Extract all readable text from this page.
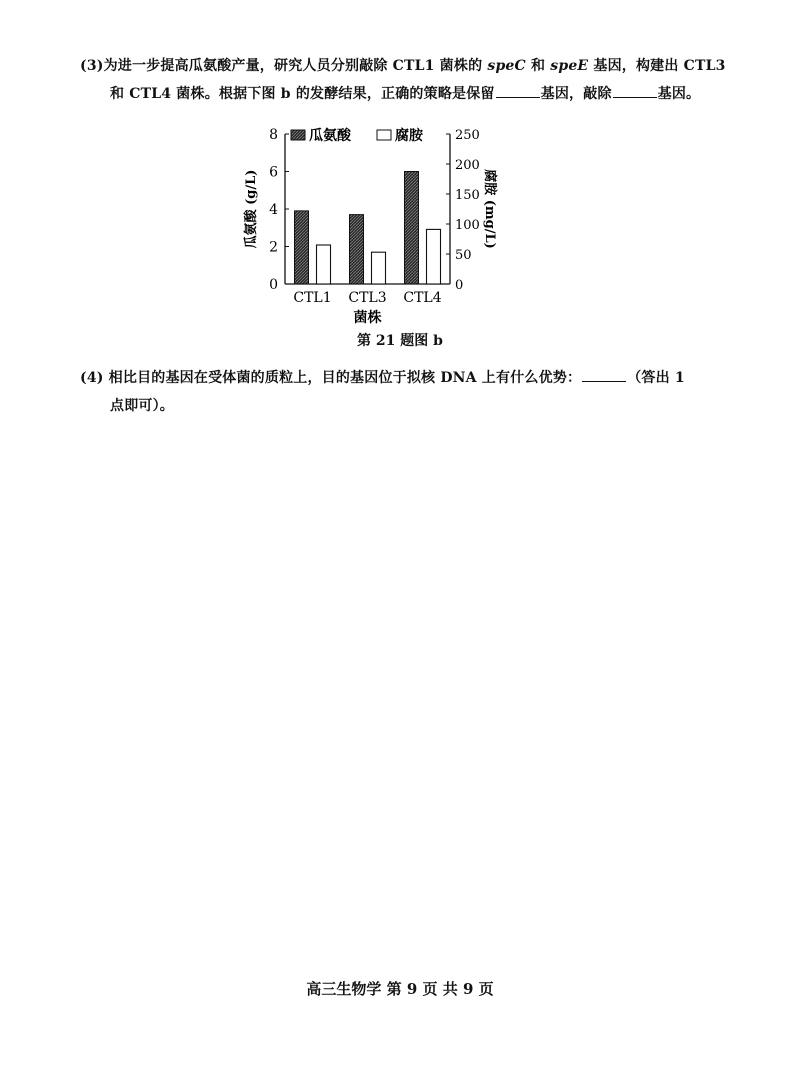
(3)为进一步提高瓜氨酸产量，研究人员分别敲除 CTL1 菌株的 speC 和 speE 基因，构建出 CTL3
和 CTL4 菌株。根据下图 b 的发酵结果，正确的策略是保留	基因，敲除	基因。
0
2
4
6
8
0
50
100
150
200
250
CTL1 CTL3 CTL4
菌株
瓜氨酸 (g/L)	腐胺 (mg/L)
瓜氨酸	腐胺
第 21 题图 b
(4) 相比目的基因在受体菌的质粒上，目的基因位于拟核 DNA 上有什么优势：	（答出 1
点即可）。
高三生物学 第 9 页 共 9 页
